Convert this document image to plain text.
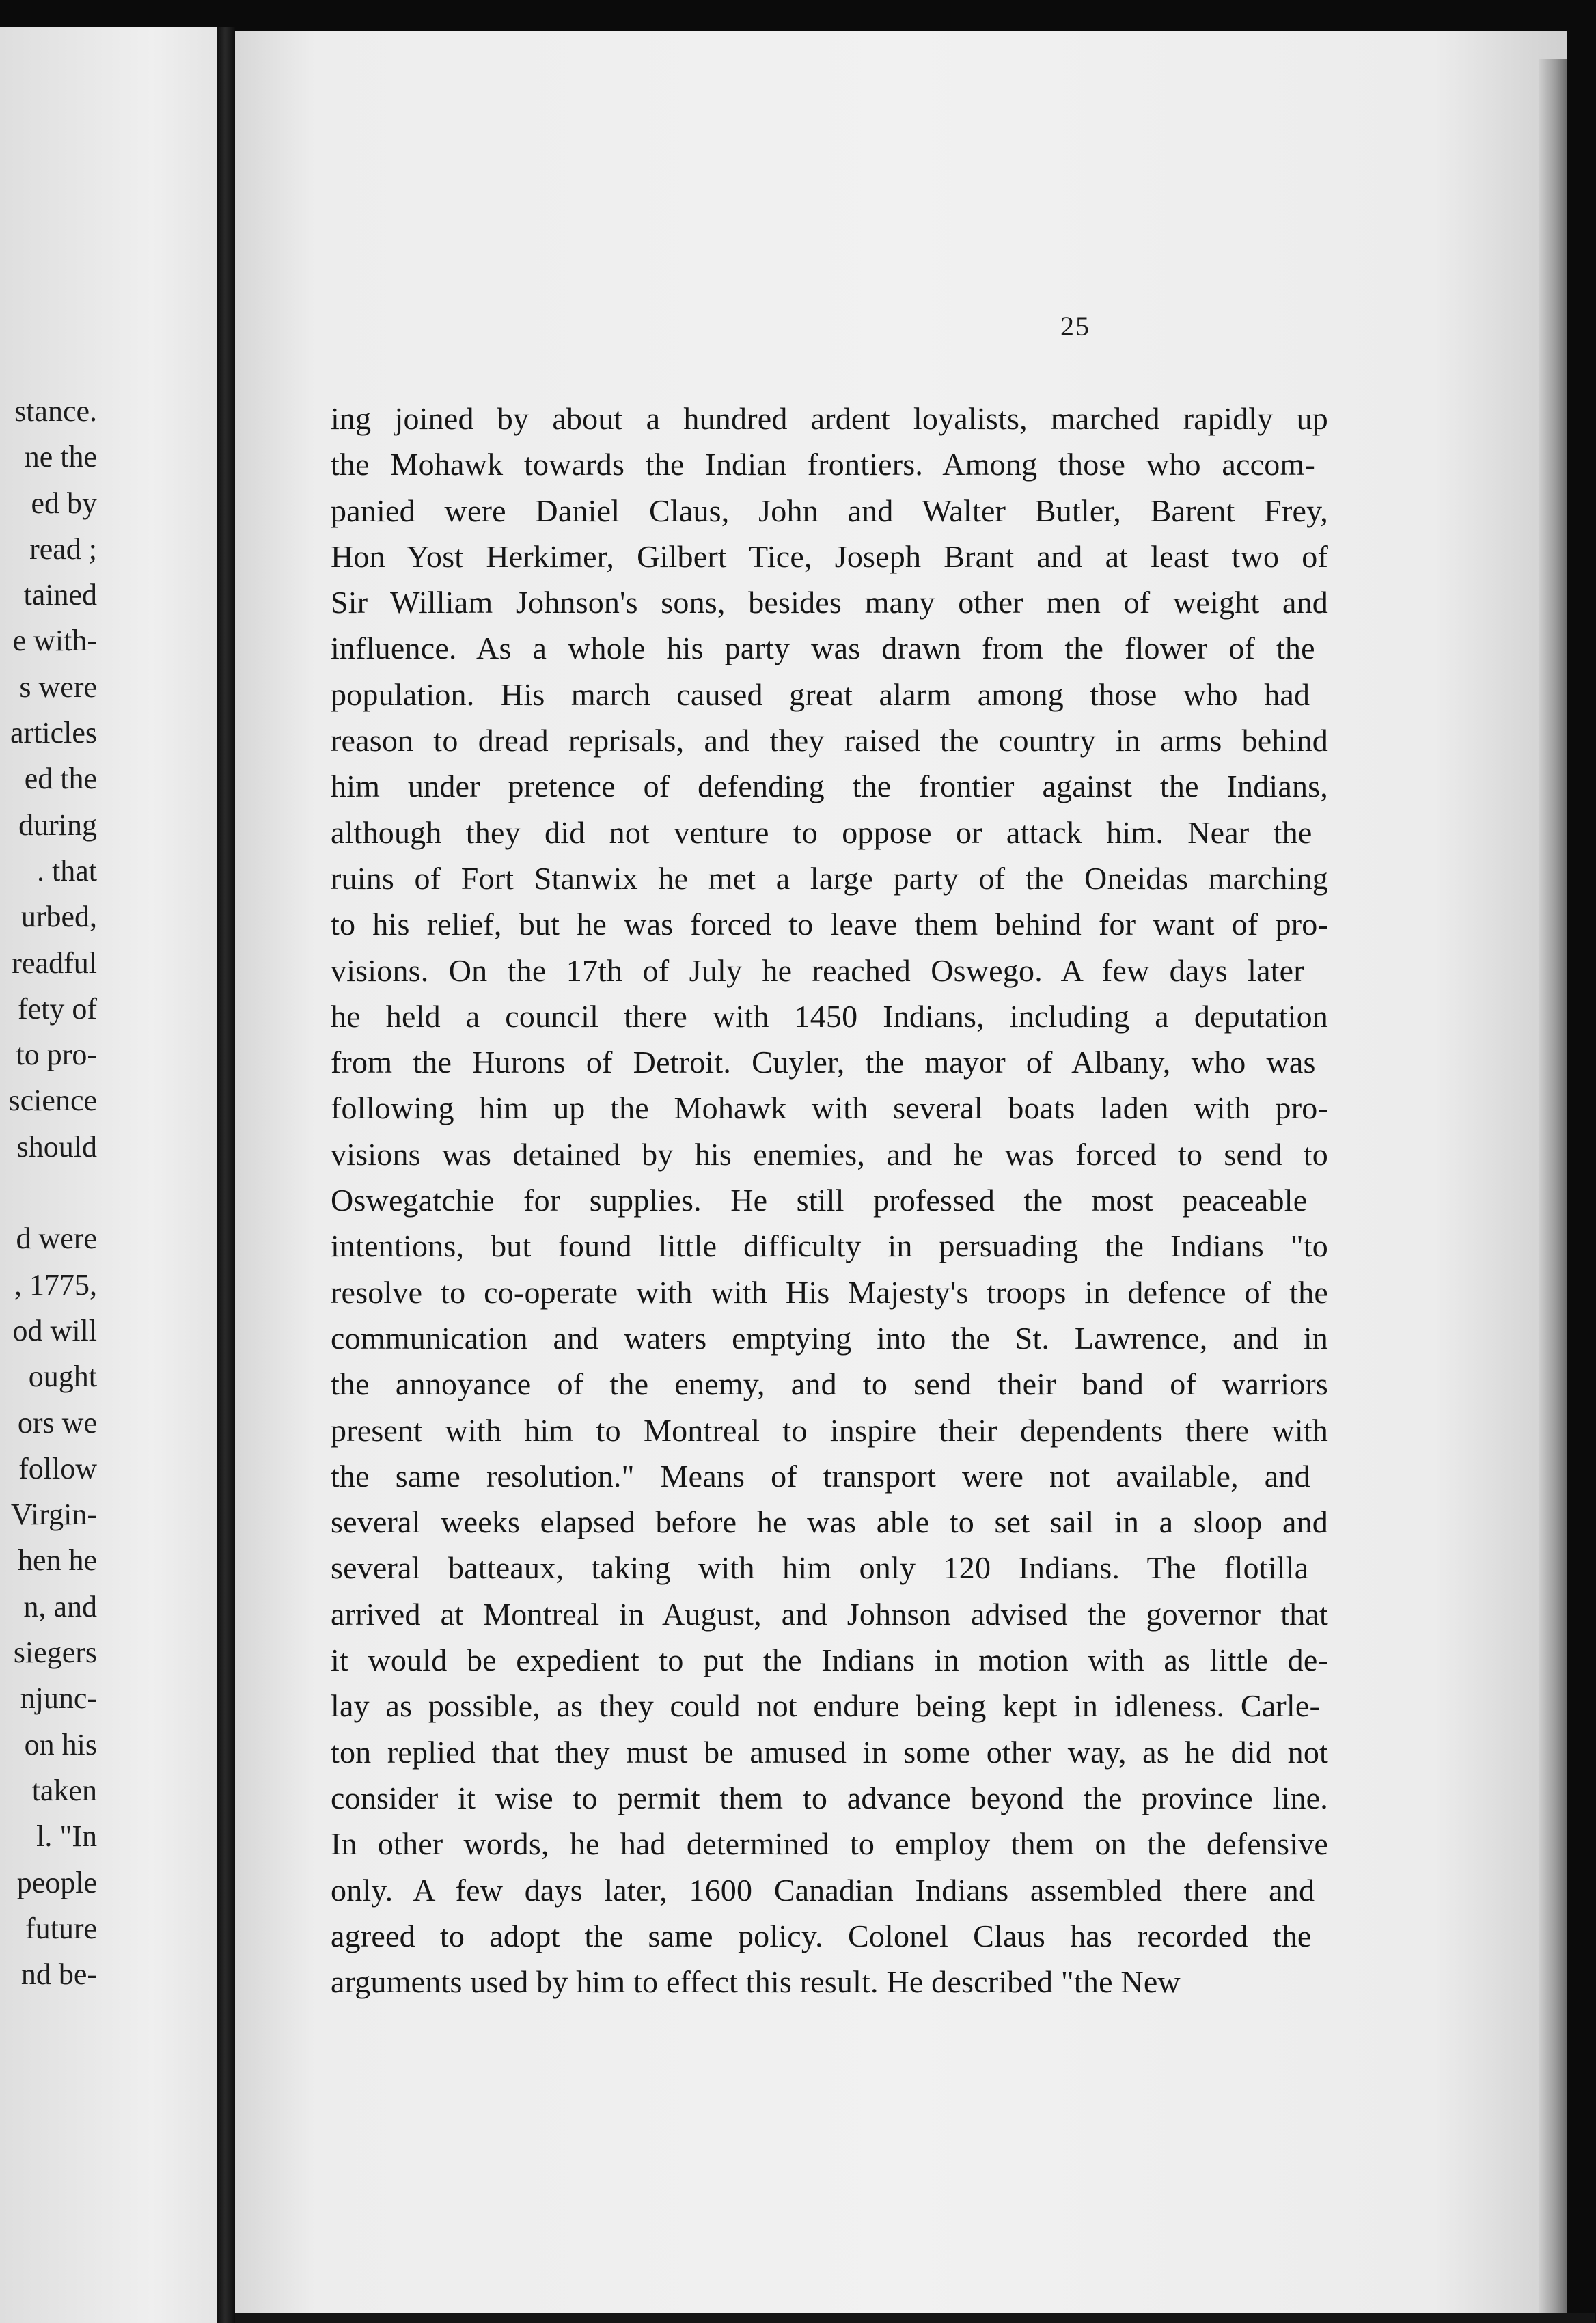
stance.
ne the
ed by
read ;
tained
e with-
s were
articles
ed the
during
. that
urbed,
readful
fety of
to pro-
science
should
d were
, 1775,
od will
ought
ors we
follow
Virgin-
hen he
n, and
siegers
njunc-
on his
taken
l. "In
people
future
nd be-
25
ing joined by about a hundred ardent loyalists, marched rapidly up
the Mohawk towards the Indian frontiers. Among those who accom-
panied were Daniel Claus, John and Walter Butler, Barent Frey,
Hon Yost Herkimer, Gilbert Tice, Joseph Brant and at least two of
Sir William Johnson's sons, besides many other men of weight and
influence. As a whole his party was drawn from the flower of the
population. His march caused great alarm among those who had
reason to dread reprisals, and they raised the country in arms behind
him under pretence of defending the frontier against the Indians,
although they did not venture to oppose or attack him. Near the
ruins of Fort Stanwix he met a large party of the Oneidas marching
to his relief, but he was forced to leave them behind for want of pro-
visions. On the 17th of July he reached Oswego. A few days later
he held a council there with 1450 Indians, including a deputation
from the Hurons of Detroit. Cuyler, the mayor of Albany, who was
following him up the Mohawk with several boats laden with pro-
visions was detained by his enemies, and he was forced to send to
Oswegatchie for supplies. He still professed the most peaceable
intentions, but found little difficulty in persuading the Indians "to
resolve to co-operate with with His Majesty's troops in defence of the
communication and waters emptying into the St. Lawrence, and in
the annoyance of the enemy, and to send their band of warriors
present with him to Montreal to inspire their dependents there with
the same resolution." Means of transport were not available, and
several weeks elapsed before he was able to set sail in a sloop and
several batteaux, taking with him only 120 Indians. The flotilla
arrived at Montreal in August, and Johnson advised the governor that
it would be expedient to put the Indians in motion with as little de-
lay as possible, as they could not endure being kept in idleness. Carle-
ton replied that they must be amused in some other way, as he did not
consider it wise to permit them to advance beyond the province line.
In other words, he had determined to employ them on the defensive
only. A few days later, 1600 Canadian Indians assembled there and
agreed to adopt the same policy. Colonel Claus has recorded the
arguments used by him to effect this result. He described "the New
